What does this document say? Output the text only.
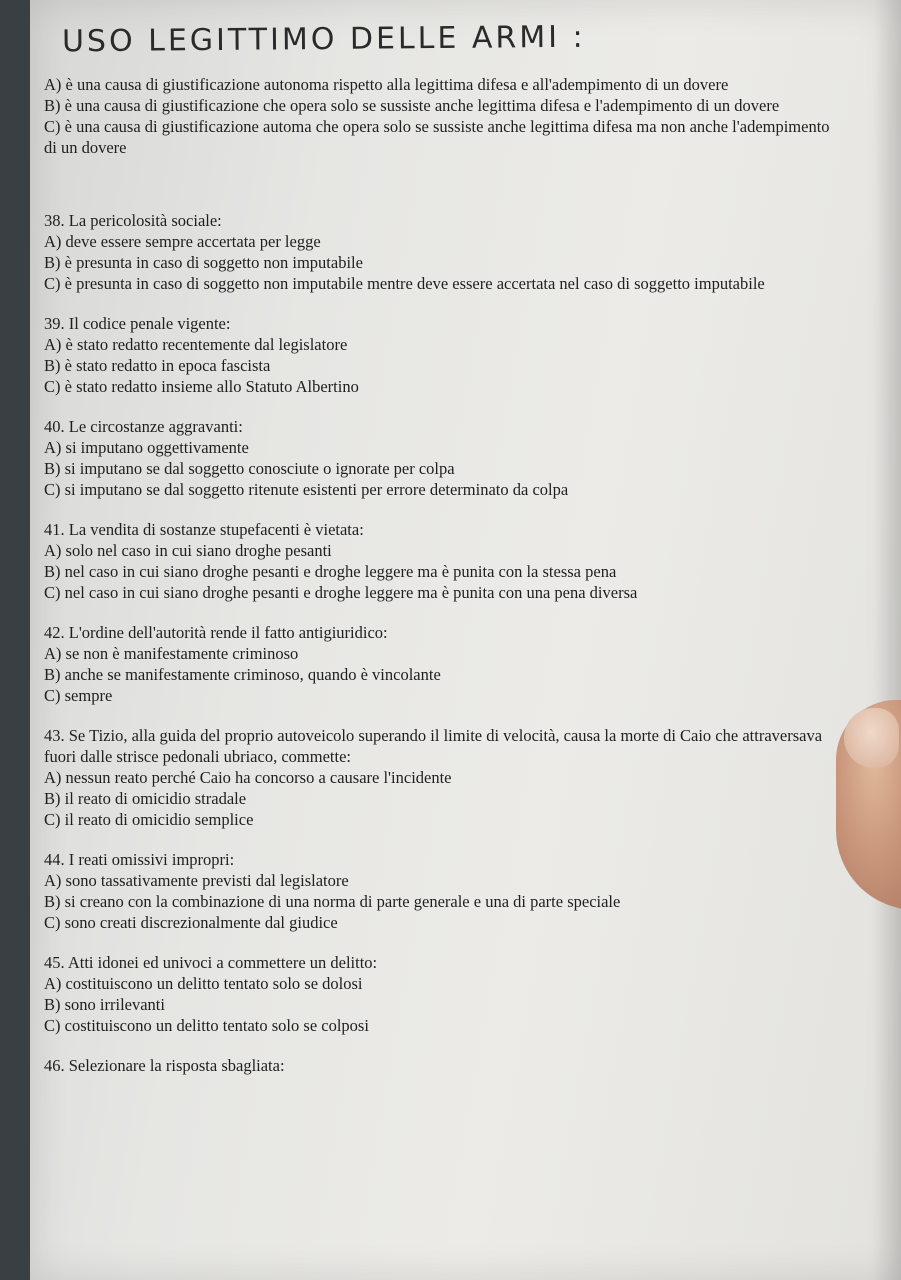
USO LEGITTIMO DELLE ARMI :

A) è una causa di giustificazione autonoma rispetto alla legittima difesa e all'adempimento di un dovere

B) è una causa di giustificazione che opera solo se sussiste anche legittima difesa e l'adempimento di un dovere

C) è una causa di giustificazione automa che opera solo se sussiste anche legittima difesa ma non anche l'adempimento di un dovere

38. La pericolosità sociale:

A) deve essere sempre accertata per legge

B) è presunta in caso di soggetto non imputabile

C) è presunta in caso di soggetto non imputabile mentre deve essere accertata nel caso di soggetto imputabile

39. Il codice penale vigente:

A) è stato redatto recentemente dal legislatore

B) è stato redatto in epoca fascista

C) è stato redatto insieme allo Statuto Albertino

40. Le circostanze aggravanti:

A) si imputano oggettivamente

B) si imputano se dal soggetto conosciute o ignorate per colpa

C) si imputano se dal soggetto ritenute esistenti per errore determinato da colpa

41. La vendita di sostanze stupefacenti è vietata:

A) solo nel caso in cui siano droghe pesanti

B) nel caso in cui siano droghe pesanti e droghe leggere ma è punita con la stessa pena

C) nel caso in cui siano droghe pesanti e droghe leggere ma è punita con una pena diversa

42. L'ordine dell'autorità rende il fatto antigiuridico:

A) se non è manifestamente criminoso

B) anche se manifestamente criminoso, quando è vincolante

C) sempre

43. Se Tizio, alla guida del proprio autoveicolo superando il limite di velocità, causa la morte di Caio che attraversava fuori dalle strisce pedonali ubriaco, commette:

A) nessun reato perché Caio ha concorso a causare l'incidente

B) il reato di omicidio stradale

C) il reato di omicidio semplice

44. I reati omissivi impropri:

A) sono tassativamente previsti dal legislatore

B) si creano con la combinazione di una norma di parte generale e una di parte speciale

C) sono creati discrezionalmente dal giudice

45. Atti idonei ed univoci a commettere un delitto:

A) costituiscono un delitto tentato solo se dolosi

B) sono irrilevanti

C) costituiscono un delitto tentato solo se colposi

46. Selezionare la risposta sbagliata:
